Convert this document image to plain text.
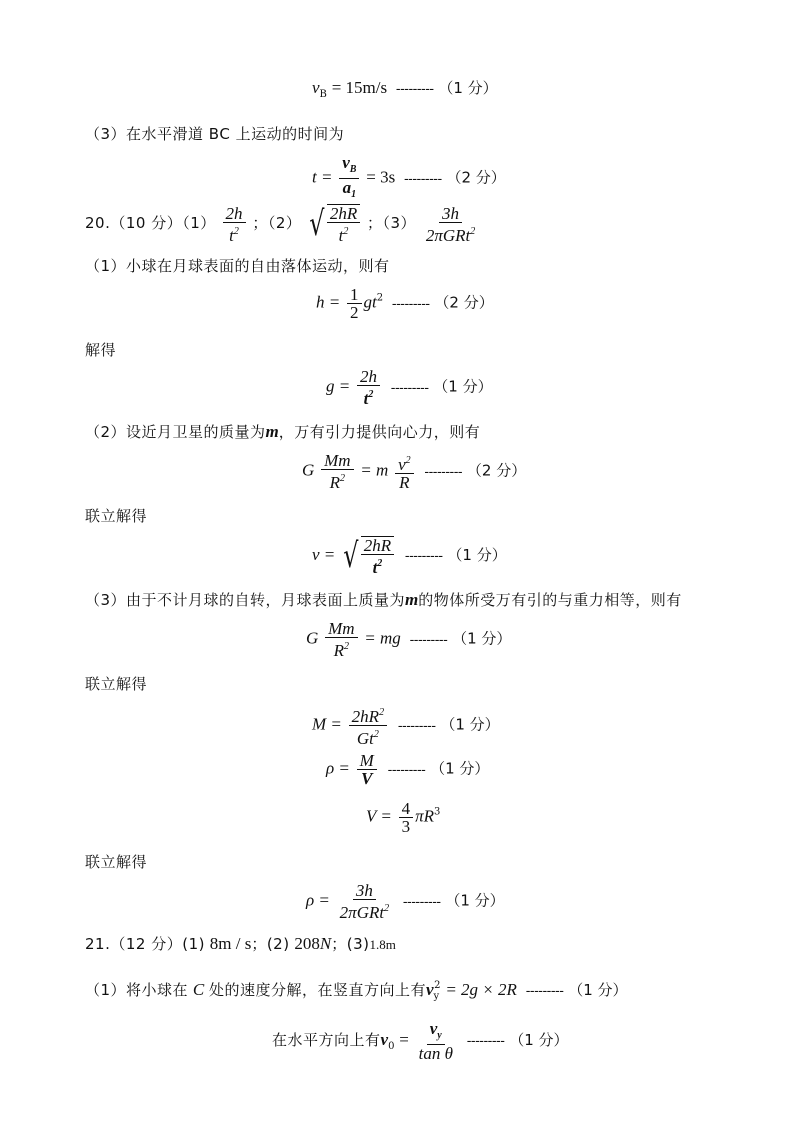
$v_B = 15m/s$ --------- （1 分）
（3）在水平滑道 BC 上运动的时间为
$t = \frac{v_B}{a_1} = 3s$ --------- （2 分）
20.（10 分）$(1) \frac{2h}{t^2}$ ；（2） √ $\frac{2hR}{t^2}$ ；$(3) \frac{3h}{2\pi GRt^2}$
（1）小球在月球表面的自由落体运动，则有
$h = \frac{1}{2} gt^2$ --------- （2 分）
解得
$g = \frac{2h}{t^2}$ --------- （1 分）
（2）设近月卫星的质量为m，万有引力提供向心力，则有
G $\frac{Mm}{R^2} = m \frac{v^2}{R}$ --------- （2 分）
联立解得
v = √ $\frac{2hR}{t^2}$ --------- （1 分）
（3）由于不计月球的自转，月球表面上质量为m的物体所受万有引的与重力相等，则有
G $\frac{Mm}{R^2}$ = mg --------- （1 分）
联立解得
$M = \frac{2hR^2}{Gt^2}$ --------- （1 分）
$\rho = \frac{M}{V}$ --------- （1 分）
$V = \frac{4}{3} \pi R^3$
联立解得
$\rho = \frac{3h}{2\pi GRt^2}$ --------- （1 分）
21.（12 分）(1) 8m / s；(2) 208N；(3)1.8m
（1）将小球在 C 处的速度分解，在竖直方向上有$v_y^2 = 2g \times 2R$ --------- （1 分）
在水平方向上有$v_0 = \frac{v_y}{\text{tan θ}}$ --------- （1 分）
